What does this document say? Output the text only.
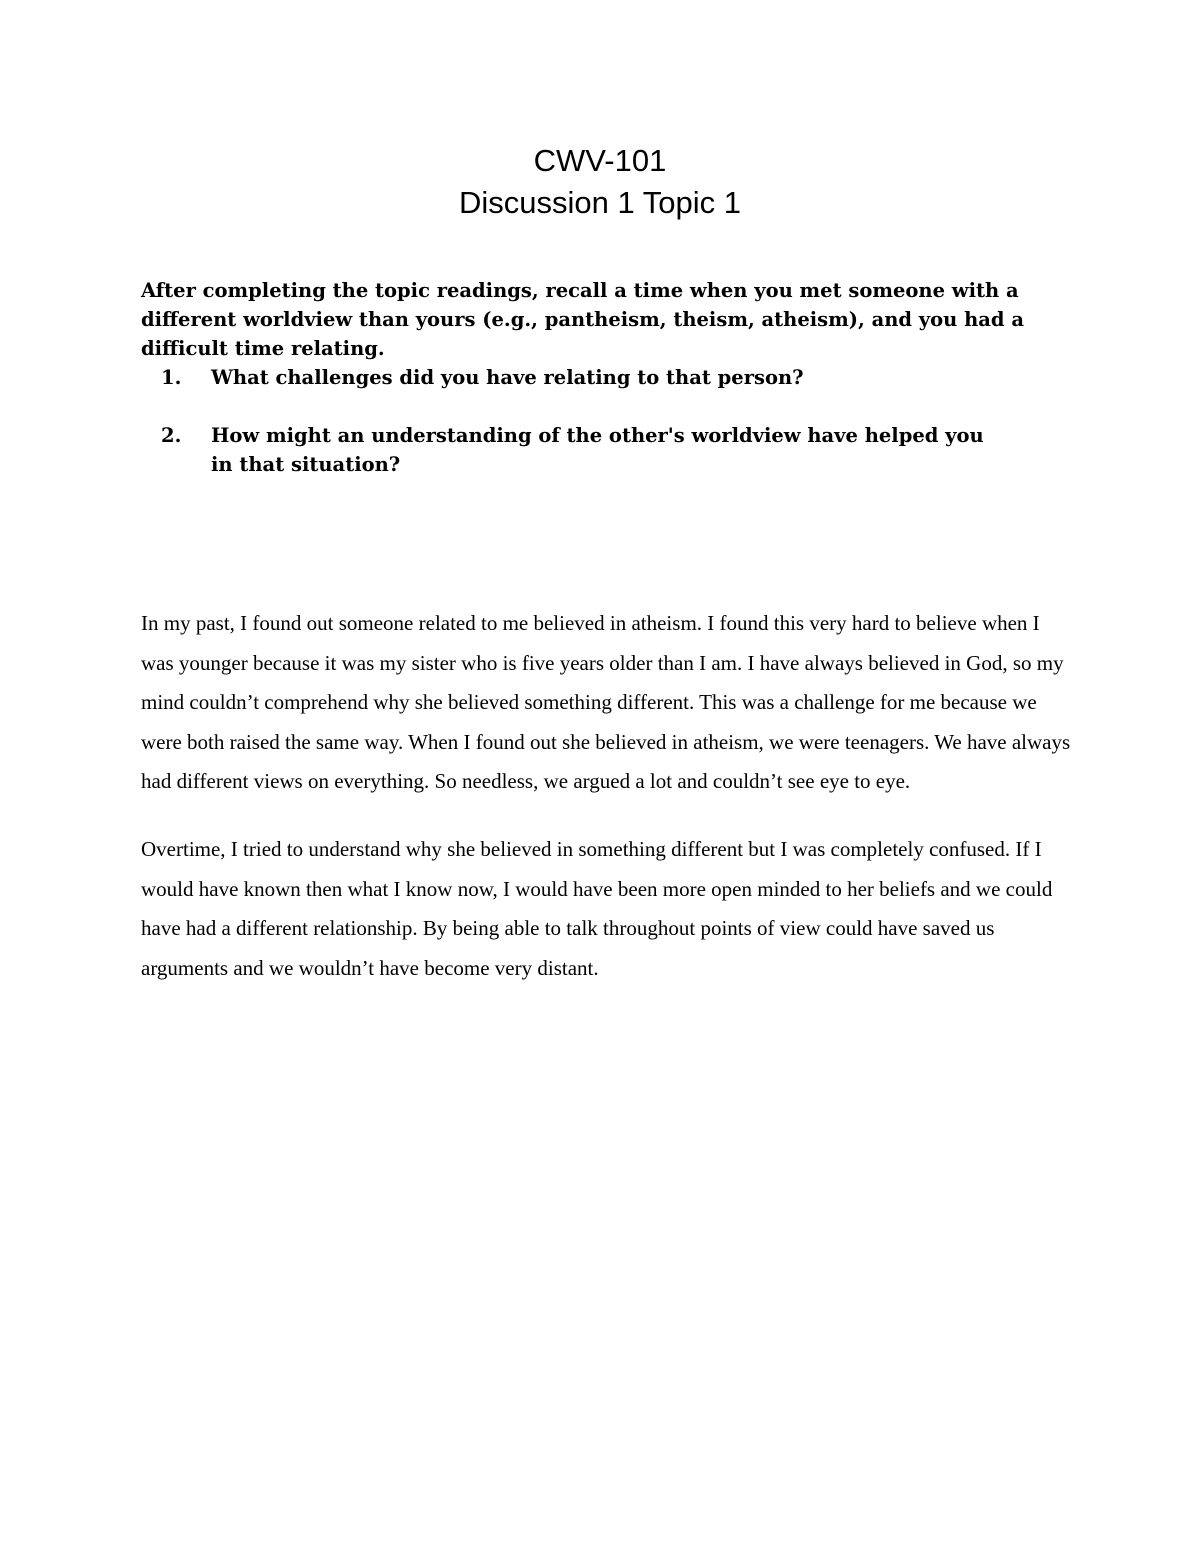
CWV-101
Discussion 1 Topic 1

After completing the topic readings, recall a time when you met someone with a different worldview than yours (e.g., pantheism, theism, atheism), and you had a difficult time relating.

1.	What challenges did you have relating to that person?
2.	How might an understanding of the other's worldview have helped you in that situation?

In my past, I found out someone related to me believed in atheism. I found this very hard to believe when I was younger because it was my sister who is five years older than I am. I have always believed in God, so my mind couldn’t comprehend why she believed something different. This was a challenge for me because we were both raised the same way. When I found out she believed in atheism, we were teenagers. We have always had different views on everything. So needless, we argued a lot and couldn’t see eye to eye.

Overtime, I tried to understand why she believed in something different but I was completely confused. If I would have known then what I know now, I would have been more open minded to her beliefs and we could have had a different relationship. By being able to talk throughout points of view could have saved us arguments and we wouldn’t have become very distant.
